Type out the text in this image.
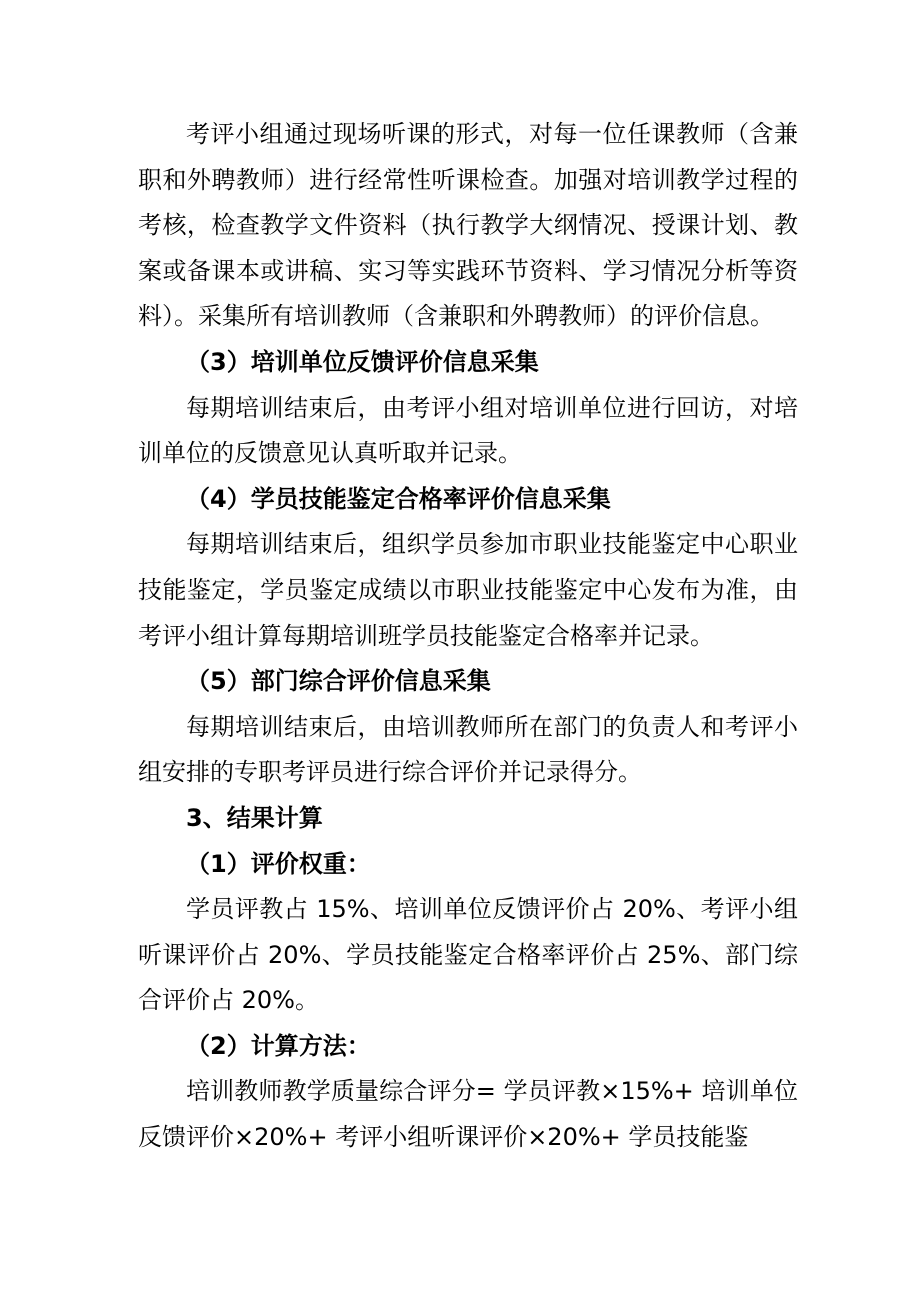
考评小组通过现场听课的形式，对每一位任课教师（含兼职和外聘教师）进行经常性听课检查。加强对培训教学过程的考核，检查教学文件资料（执行教学大纲情况、授课计划、教案或备课本或讲稿、实习等实践环节资料、学习情况分析等资料）。采集所有培训教师（含兼职和外聘教师）的评价信息。

（3）培训单位反馈评价信息采集

每期培训结束后，由考评小组对培训单位进行回访，对培训单位的反馈意见认真听取并记录。

（4）学员技能鉴定合格率评价信息采集

每期培训结束后，组织学员参加市职业技能鉴定中心职业技能鉴定，学员鉴定成绩以市职业技能鉴定中心发布为准，由考评小组计算每期培训班学员技能鉴定合格率并记录。

（5）部门综合评价信息采集

每期培训结束后，由培训教师所在部门的负责人和考评小组安排的专职考评员进行综合评价并记录得分。

3、结果计算

（1）评价权重：

学员评教占 15%、培训单位反馈评价占 20%、考评小组听课评价占 20%、学员技能鉴定合格率评价占 25%、部门综合评价占 20%。

（2）计算方法：

培训教师教学质量综合评分= 学员评教×15%+ 培训单位反馈评价×20%+ 考评小组听课评价×20%+ 学员技能鉴
